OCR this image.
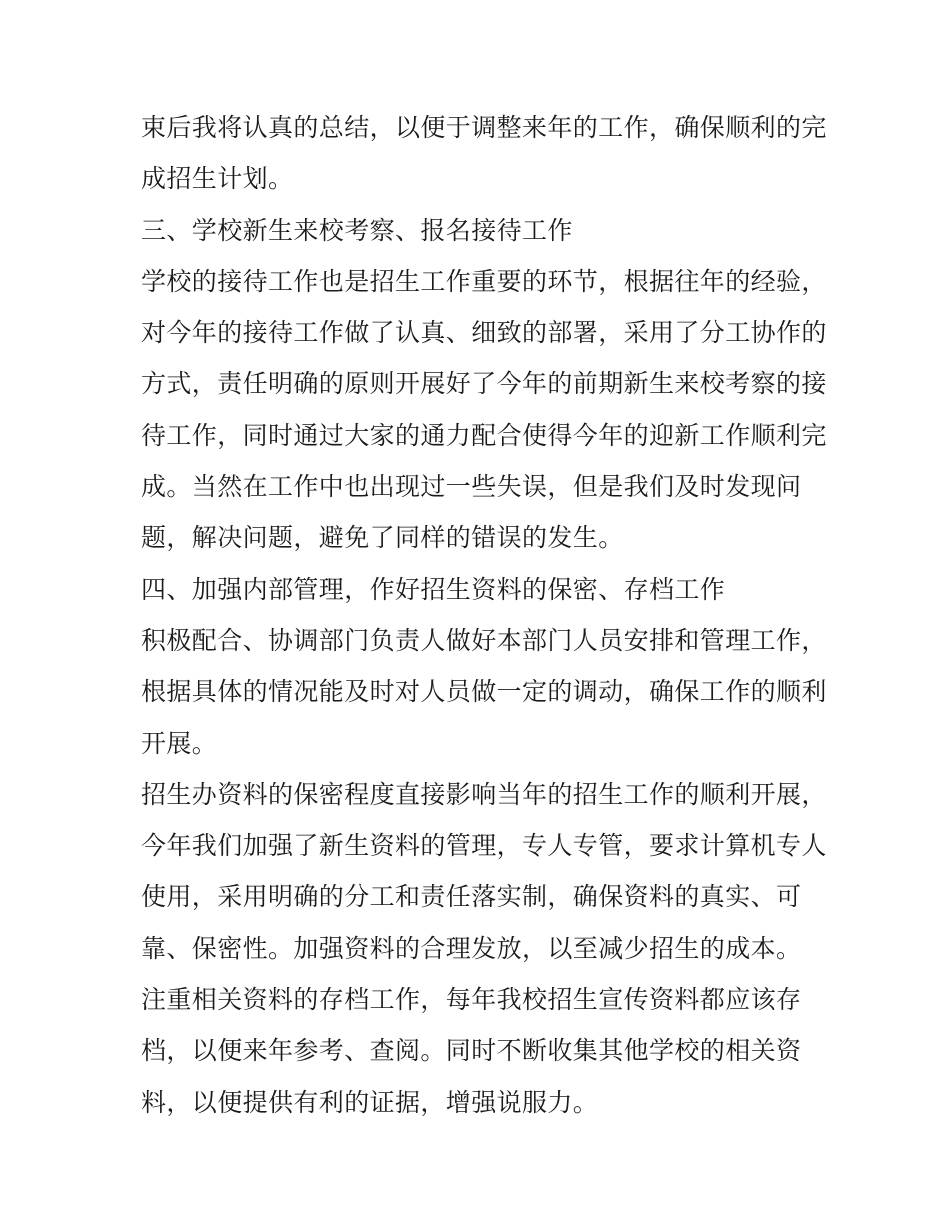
束后我将认真的总结，以便于调整来年的工作，确保顺利的完
成招生计划。
三、学校新生来校考察、报名接待工作
学校的接待工作也是招生工作重要的环节，根据往年的经验，
对今年的接待工作做了认真、细致的部署，采用了分工协作的
方式，责任明确的原则开展好了今年的前期新生来校考察的接
待工作，同时通过大家的通力配合使得今年的迎新工作顺利完
成。当然在工作中也出现过一些失误，但是我们及时发现问
题，解决问题，避免了同样的错误的发生。
四、加强内部管理，作好招生资料的保密、存档工作
积极配合、协调部门负责人做好本部门人员安排和管理工作，
根据具体的情况能及时对人员做一定的调动，确保工作的顺利
开展。
招生办资料的保密程度直接影响当年的招生工作的顺利开展，
今年我们加强了新生资料的管理，专人专管，要求计算机专人
使用，采用明确的分工和责任落实制，确保资料的真实、可
靠、保密性。加强资料的合理发放，以至减少招生的成本。
注重相关资料的存档工作，每年我校招生宣传资料都应该存
档，以便来年参考、查阅。同时不断收集其他学校的相关资
料，以便提供有利的证据，增强说服力。
